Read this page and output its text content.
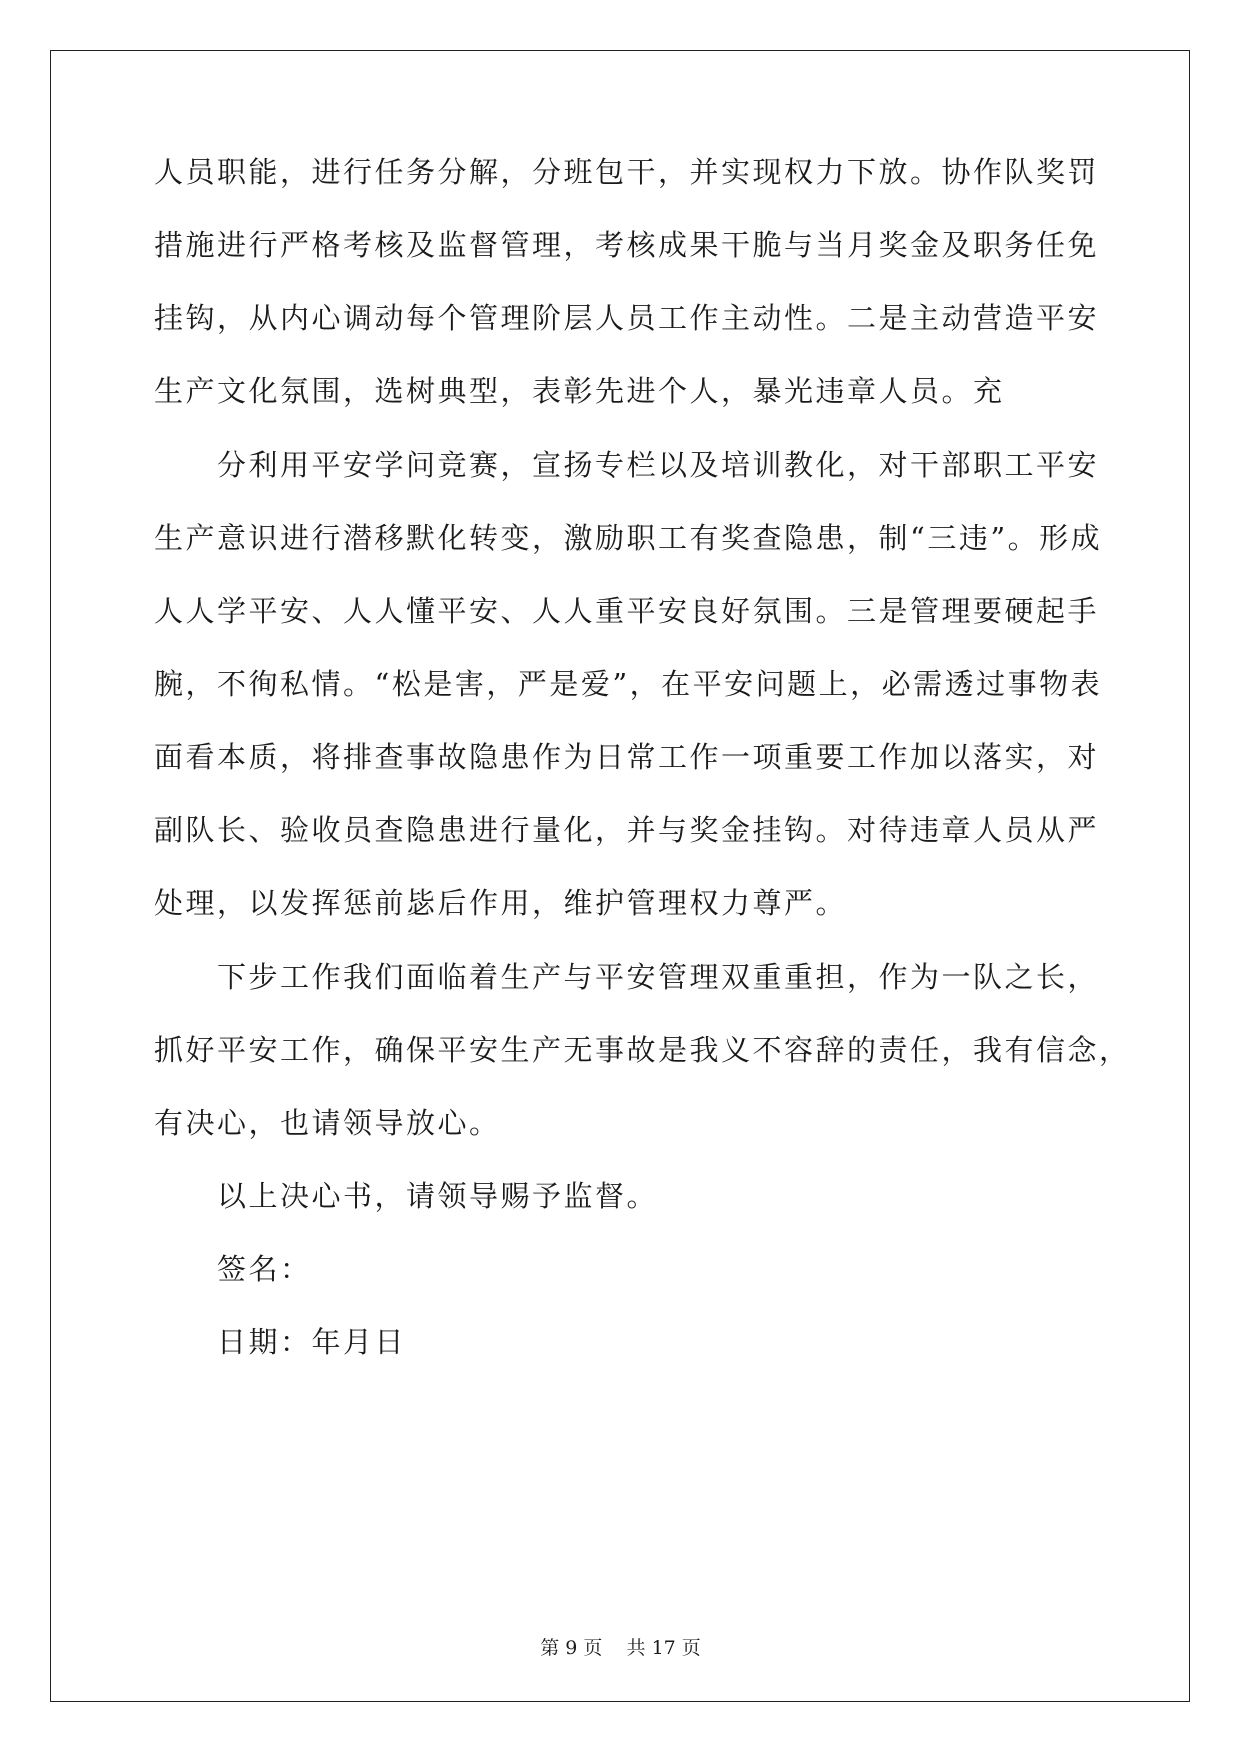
人员职能，进行任务分解，分班包干，并实现权力下放。协作队奖罚
措施进行严格考核及监督管理，考核成果干脆与当月奖金及职务任免
挂钩，从内心调动每个管理阶层人员工作主动性。二是主动营造平安
生产文化氛围，选树典型，表彰先进个人，暴光违章人员。充
分利用平安学问竞赛，宣扬专栏以及培训教化，对干部职工平安
生产意识进行潜移默化转变，激励职工有奖查隐患，制“三违”。形成
人人学平安、人人懂平安、人人重平安良好氛围。三是管理要硬起手
腕，不徇私情。“松是害，严是爱”，在平安问题上，必需透过事物表
面看本质，将排查事故隐患作为日常工作一项重要工作加以落实，对
副队长、验收员查隐患进行量化，并与奖金挂钩。对待违章人员从严
处理，以发挥惩前毖后作用，维护管理权力尊严。
下步工作我们面临着生产与平安管理双重重担，作为一队之长，
抓好平安工作，确保平安生产无事故是我义不容辞的责任，我有信念，
有决心，也请领导放心。
以上决心书，请领导赐予监督。
签名：
日期：年月日
第 9 页    共 17 页
